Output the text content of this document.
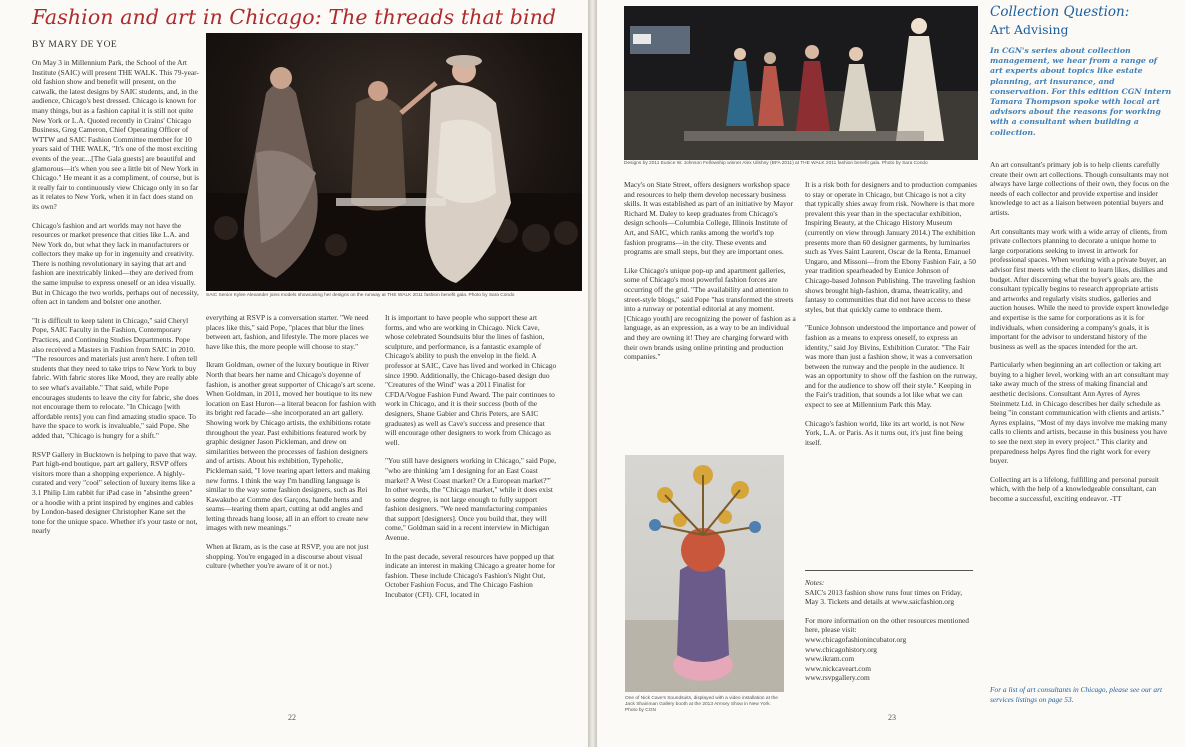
Fashion and art in Chicago: The threads that bind
BY MARY DE YOE

On May 3 in Millennium Park, the School of the Art Institute (SAIC) will present THE WALK. This 79-year-old fashion show and benefit will present, on the catwalk, the latest designs by SAIC students, and, in the audience, Chicago's best dressed. Chicago is known for many things, but as a fashion capital it is still not quite New York or L.A. Quoted recently in Crains' Chicago Business, Greg Cameron, Chief Operating Officer of WTTW and SAIC Fashion Committee member for 10 years said of THE WALK, "It's one of the most exciting events of the year....[The Gala guests] are beautiful and glamorous—it's when you see a little bit of New York in Chicago." He meant it as a compliment, of course, but is it really fair to continuously view Chicago only in so far as it relates to New York, when it in fact does stand on its own?

Chicago's fashion and art worlds may not have the resources or market presence that cities like L.A. and New York do, but what they lack in manufacturers or collectors they make up for in ingenuity and creativity. There is nothing revolutionary in saying that art and fashion are inextricably linked—they are derived from the same impulse to express oneself or an idea visually. But in Chicago the two worlds, perhaps out of necessity, often act in tandem and bolster one another.

"It is difficult to keep talent in Chicago," said Cheryl Pope, SAIC Faculty in the Fashion, Contemporary Practices, and Continuing Studies Departments. Pope also received a Masters in Fashion from SAIC in 2010. "The resources and materials just aren't here. I often tell students that they need to take trips to New York to buy fabric. With fabric stores like Mood, they are really able to see what's available." That said, while Pope encourages students to leave the city for fabric, she does not encourage them to relocate. "In Chicago [with affordable rents] you can find amazing studio space. To have the space to work is invaluable," said Pope. She added that, "Chicago is hungry for a shift."

RSVP Gallery in Bucktown is helping to pave that way. Part high-end boutique, part art gallery, RSVP offers visitors more than a shopping experience. A highly-curated and very "cool" selection of luxury items like a 3.1 Philip Lim rabbit fur iPad case in "absinthe green" or a hoodie with a print inspired by engines and cables by London-based designer Christopher Kane set the tone for the unique space. Whether it's your taste or not, nearly

SAIC Senior Kylee Alexander joins models showcasing her designs on the runway at THE WALK 2011 fashion benefit gala. Photo by Sara Condo

everything at RSVP is a conversation starter. "We need places like this," said Pope, "places that blur the lines between art, fashion, and lifestyle. The more places we have like this, the more people will choose to stay."

Ikram Goldman, owner of the luxury boutique in River North that bears her name and Chicago's doyenne of fashion, is another great supporter of Chicago's art scene. When Goldman, in 2011, moved her boutique to its new location on East Huron—a literal beacon for fashion with its bright red facade—she incorporated an art gallery. Showing work by Chicago artists, the exhibitions rotate throughout the year. Past exhibitions featured work by graphic designer Jason Pickleman, and drew on similarities between the processes of fashion designers and of artists. About his exhibition, Typeholic, Pickleman said, "I love tearing apart letters and making new forms. I think the way I'm handling language is similar to the way some fashion designers, such as Rei Kawakubo at Comme des Garçons, handle hems and seams—tearing them apart, cutting at odd angles and letting threads hang loose, all in an effort to create new images with new meanings."

When at Ikram, as is the case at RSVP, you are not just shopping. You're engaged in a discourse about visual culture (whether you're aware of it or not.)

It is important to have people who support these art forms, and who are working in Chicago. Nick Cave, whose celebrated Soundsuits blur the lines of fashion, sculpture, and performance, is a fantastic example of Chicago's ability to push the envelop in the field. A professor at SAIC, Cave has lived and worked in Chicago since 1990. Additionally, the Chicago-based design duo "Creatures of the Wind" was a 2011 Finalist for CFDA/Vogue Fashion Fund Award. The pair continues to work in Chicago, and it is their success (both of the designers, Shane Gabier and Chris Peters, are SAIC graduates) as well as Cave's success and presence that will encourage other designers to work from Chicago as well.

"You still have designers working in Chicago," said Pope, "who are thinking 'am I designing for an East Coast market? A West Coast market? Or a European market?'" In other words, the "Chicago market," while it does exist to some degree, is not large enough to fully support fashion designers. "We need manufacturing companies that support [designers]. Once you build that, they will come," Goldman said in a recent interview in Michigan Avenue.

In the past decade, several resources have popped up that indicate an interest in making Chicago a greater home for fashion. These include Chicago's Fashion's Night Out, October Fashion Focus, and The Chicago Fashion Incubator (CFI). CFI, located in

22
Designs by 2011 Eunice W. Johnson Fellowship winner Alex Ulishny (BFA 2011) at THE WALK 2011 fashion benefit gala. Photo by Sara Condo

Macy's on State Street, offers designers workshop space and resources to help them develop necessary business skills. It was established as part of an initiative by Mayor Richard M. Daley to keep graduates from Chicago's design schools—Columbia College, Illinois Institute of Art, and SAIC, which ranks among the world's top fashion programs—in the city. These events and programs are small steps, but they are important ones.

Like Chicago's unique pop-up and apartment galleries, some of Chicago's most powerful fashion forces are occurring off the grid. "The availability and attention to street-style blogs," said Pope "has transformed the streets into a runway or potential editorial at any moment. [Chicago youth] are recognizing the power of fashion as a language, as an expression, as a way to be an individual and they are owning it! They are charging forward with their own brands using online printing and production companies."

One of Nick Cave's Soundsuits, displayed with a video installation at the Jack Shainman Gallery booth at the 2013 Armory Show in New York. Photo by CGN

It is a risk both for designers and to production companies to stay or operate in Chicago, but Chicago is not a city that typically shies away from risk. Nowhere is that more prevalent this year than in the spectacular exhibition, Inspiring Beauty, at the Chicago History Museum (currently on view through January 2014.) The exhibition presents more than 60 designer garments, by luminaries such as Yves Saint Laurent, Oscar de la Renta, Emanuel Ungaro, and Missoni—from the Ebony Fashion Fair, a 50 year tradition spearheaded by Eunice Johnson of Chicago-based Johnson Publishing. The traveling fashion shows brought high-fashion, drama, theatricality, and fantasy to communities that did not have access to these styles, but that quickly came to embrace them.

"Eunice Johnson understood the importance and power of fashion as a means to express oneself, to express an identity," said Joy Bivins, Exhibition Curator. "The Fair was more than just a fashion show, it was a conversation between the runway and the people in the audience. It was an opportunity to show off the fashion on the runway, and for the audience to show off their style." Keeping in the Fair's tradition, that sounds a lot like what we can expect to see at Millennium Park this May.

Chicago's fashion world, like its art world, is not New York, L.A. or Paris. As it turns out, it's just fine being itself.

Notes:

SAIC's 2013 fashion show runs four times on Friday, May 3. Tickets and details at www.saicfashion.org

For more information on the other resources mentioned here, please visit:

www.chicagofashionincubator.org
www.chicagohistory.org
www.ikram.com
www.nickcaveart.com
www.rsvpgallery.com
23
Collection Question:
Art Advising
In CGN's series about collection management, we hear from a range of art experts about topics like estate planning, art insurance, and conservation. For this edition CGN intern Tamara Thompson spoke with local art advisors about the reasons for working with a consultant when building a collection.

An art consultant's primary job is to help clients carefully create their own art collections. Though consultants may not always have large collections of their own, they focus on the needs of each collector and provide expertise and insider knowledge to act as a liaison between potential buyers and artists.

Art consultants may work with a wide array of clients, from private collectors planning to decorate a unique home to large corporations seeking to invest in artwork for professional spaces. When working with a private buyer, an advisor first meets with the client to learn likes, dislikes and budget. After discerning what the buyer's goals are, the consultant typically begins to research appropriate artists and artworks and regularly visits studios, galleries and auction houses. While the need to provide expert knowledge and expertise is the same for corporations as it is for individuals, when considering a company's goals, it is important for the advisor to understand history of the business as well as the spaces intended for the art.

Particularly when beginning an art collection or taking art buying to a higher level, working with an art consultant may take away much of the stress of making financial and aesthetic decisions. Consultant Ann Ayres of Ayres Steinmetz Ltd. in Chicago describes her daily schedule as being "in constant communication with clients and artists." Ayres explains, "Most of my days involve me making many calls to clients and artists, because in this business you have to see the next step in every project." This clarity and preparedness helps Ayres find the right work for every buyer.

Collecting art is a lifelong, fulfilling and personal pursuit which, with the help of a knowledgeable consultant, can become a successful, exciting endeavor. -TT

For a list of art consultants in Chicago, please see our art services listings on page 53.
